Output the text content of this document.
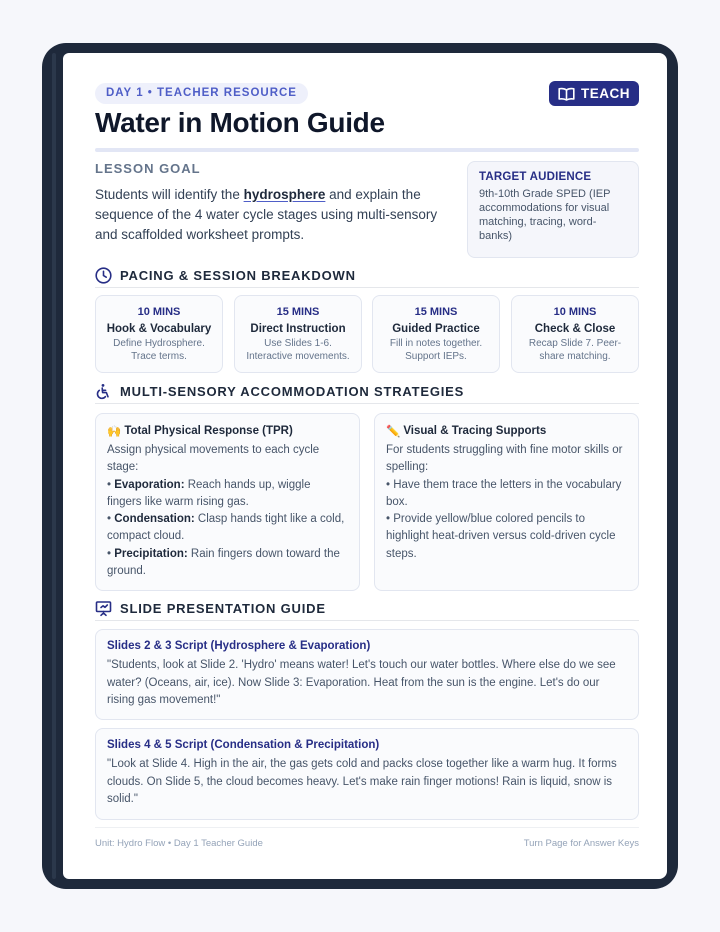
DAY 1 • TEACHER RESOURCE	TEACH
Water in Motion Guide
LESSON GOAL
Students will identify the hydrosphere and explain the sequence of the 4 water cycle stages using multi-sensory and scaffolded worksheet prompts.
TARGET AUDIENCE
9th-10th Grade SPED (IEP accommodations for visual matching, tracing, word-banks)
PACING & SESSION BREAKDOWN
10 MINS
Hook & Vocabulary
Define Hydrosphere. Trace terms.
15 MINS
Direct Instruction
Use Slides 1-6. Interactive movements.
15 MINS
Guided Practice
Fill in notes together. Support IEPs.
10 MINS
Check & Close
Recap Slide 7. Peer-share matching.
MULTI-SENSORY ACCOMMODATION STRATEGIES
🙌 Total Physical Response (TPR)
Assign physical movements to each cycle stage:
• Evaporation: Reach hands up, wiggle fingers like warm rising gas.
• Condensation: Clasp hands tight like a cold, compact cloud.
• Precipitation: Rain fingers down toward the ground.
✏️ Visual & Tracing Supports
For students struggling with fine motor skills or spelling:
• Have them trace the letters in the vocabulary box.
• Provide yellow/blue colored pencils to highlight heat-driven versus cold-driven cycle steps.
SLIDE PRESENTATION GUIDE
Slides 2 & 3 Script (Hydrosphere & Evaporation)
"Students, look at Slide 2. 'Hydro' means water! Let's touch our water bottles. Where else do we see water? (Oceans, air, ice). Now Slide 3: Evaporation. Heat from the sun is the engine. Let's do our rising gas movement!"
Slides 4 & 5 Script (Condensation & Precipitation)
"Look at Slide 4. High in the air, the gas gets cold and packs close together like a warm hug. It forms clouds. On Slide 5, the cloud becomes heavy. Let's make rain finger motions! Rain is liquid, snow is solid."
Unit: Hydro Flow • Day 1 Teacher Guide	Turn Page for Answer Keys
